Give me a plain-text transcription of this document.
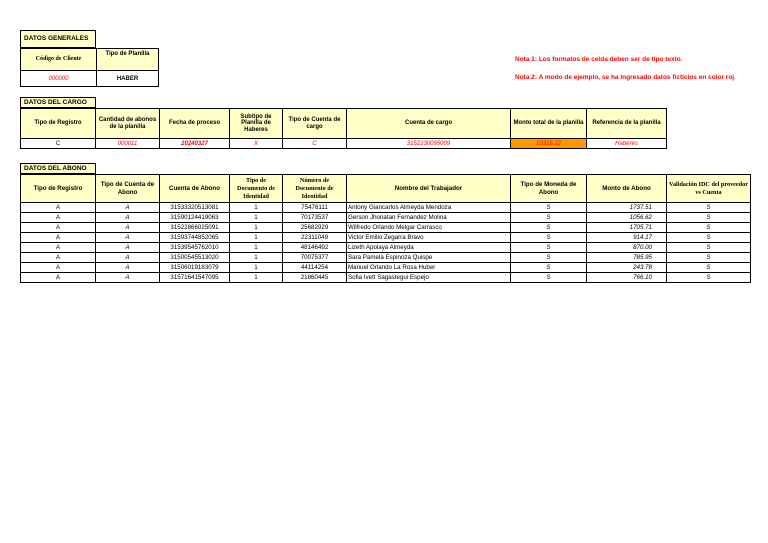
DATOS GENERALES
Código de Cliente	Tipo de Planilla
000000	HABER
Nota 1: Los formatos de celda deben ser de tipo texto.
Nota 2: A modo de ejemplo, se ha ingresado datos ficticios en color roj
DATOS DEL CARGO
Tipo de Registro	Cantidad de abonos de la planilla	Fecha de proceso	Subtipo de Planilla de Haberes	Tipo de Cuenta de cargo	Cuenta de cargo	Monto total de la planilla	Referencia de la planilla
C	000011	20240327	X	C	3152230095009	10316.22	Haberes
DATOS DEL ABONO
Tipo de Registro	Tipo de Cuenta de Abono	Cuenta de Abono	Tipo de Documento de Identidad	Número de Documento de Identidad	Nombre del Trabajador	Tipo de Moneda de Abono	Monto de Abono	Validación IDC del proveedor vs Cuenta
A	A	31533320513081	1	75476111	Antony Giancarlos Almeyda Mendoza	S	1737.51	S
A	A	31590124419063	1	70173537	Gerson Jhonatan Fernandez Molina	S	1056.62	S
A	A	31522866025091	1	25682929	Wilfredo Orlando Melgar Carrasco	S	1705.71	S
A	A	31593744852065	1	22311049	Victor Emilio Zegarra Bravo	S	914.17	S
A	A	31539545762010	1	48146492	Lizeth Apolaya Almeyda	S	870.00	S
A	A	31500545513020	1	70075377	Sara Pamela Espinoza Quispe	S	785.95	S
A	A	31506019183079	1	44114254	Manuel Orlando La Rosa Huber	S	243.78	S
A	A	31571641547095	1	21860445	Sofia Ivett Sagastegui Espejo	S	766.10	S
